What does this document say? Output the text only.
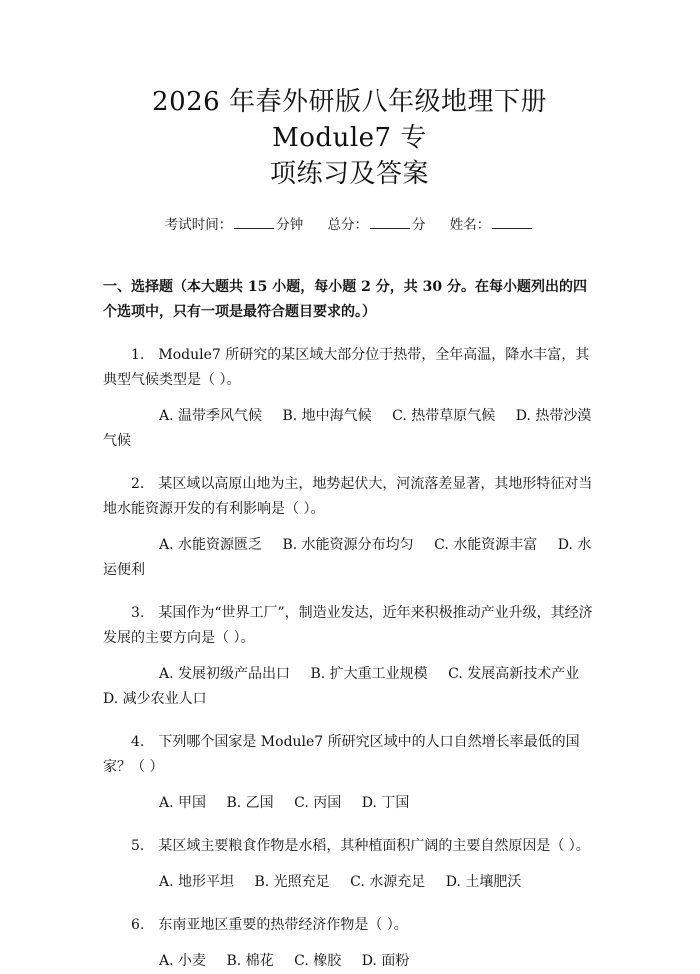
2026 年春外研版八年级地理下册 Module7 专
项练习及答案
考试时间：	分钟 总分：	分 姓名：
一、选择题（本大题共 15 小题，每小题 2 分，共 30 分。在每小题列出的四个选项中，只有一项是最符合题目要求的。）
1.　Module7 所研究的某区域大部分位于热带，全年高温，降水丰富，其典型气候类型是（ ）。
A. 温带季风气候 B. 地中海气候 C. 热带草原气候 D. 热带沙漠气候
2.　某区域以高原山地为主，地势起伏大，河流落差显著，其地形特征对当地水能资源开发的有利影响是（ ）。
A. 水能资源匮乏 B. 水能资源分布均匀 C. 水能资源丰富 D. 水运便利
3.　某国作为“世界工厂”，制造业发达，近年来积极推动产业升级，其经济发展的主要方向是（ ）。
A. 发展初级产品出口 B. 扩大重工业规模 C. 发展高新技术产业 D. 减少农业人口
4.　下列哪个国家是 Module7 所研究区域中的人口自然增长率最低的国家？（ ）
A. 甲国 B. 乙国 C. 丙国 D. 丁国
5.　某区域主要粮食作物是水稻，其种植面积广阔的主要自然原因是（ ）。
A. 地形平坦 B. 光照充足 C. 水源充足 D. 土壤肥沃
6.　东南亚地区重要的热带经济作物是（ ）。
A. 小麦 B. 棉花 C. 橡胶 D. 面粉
